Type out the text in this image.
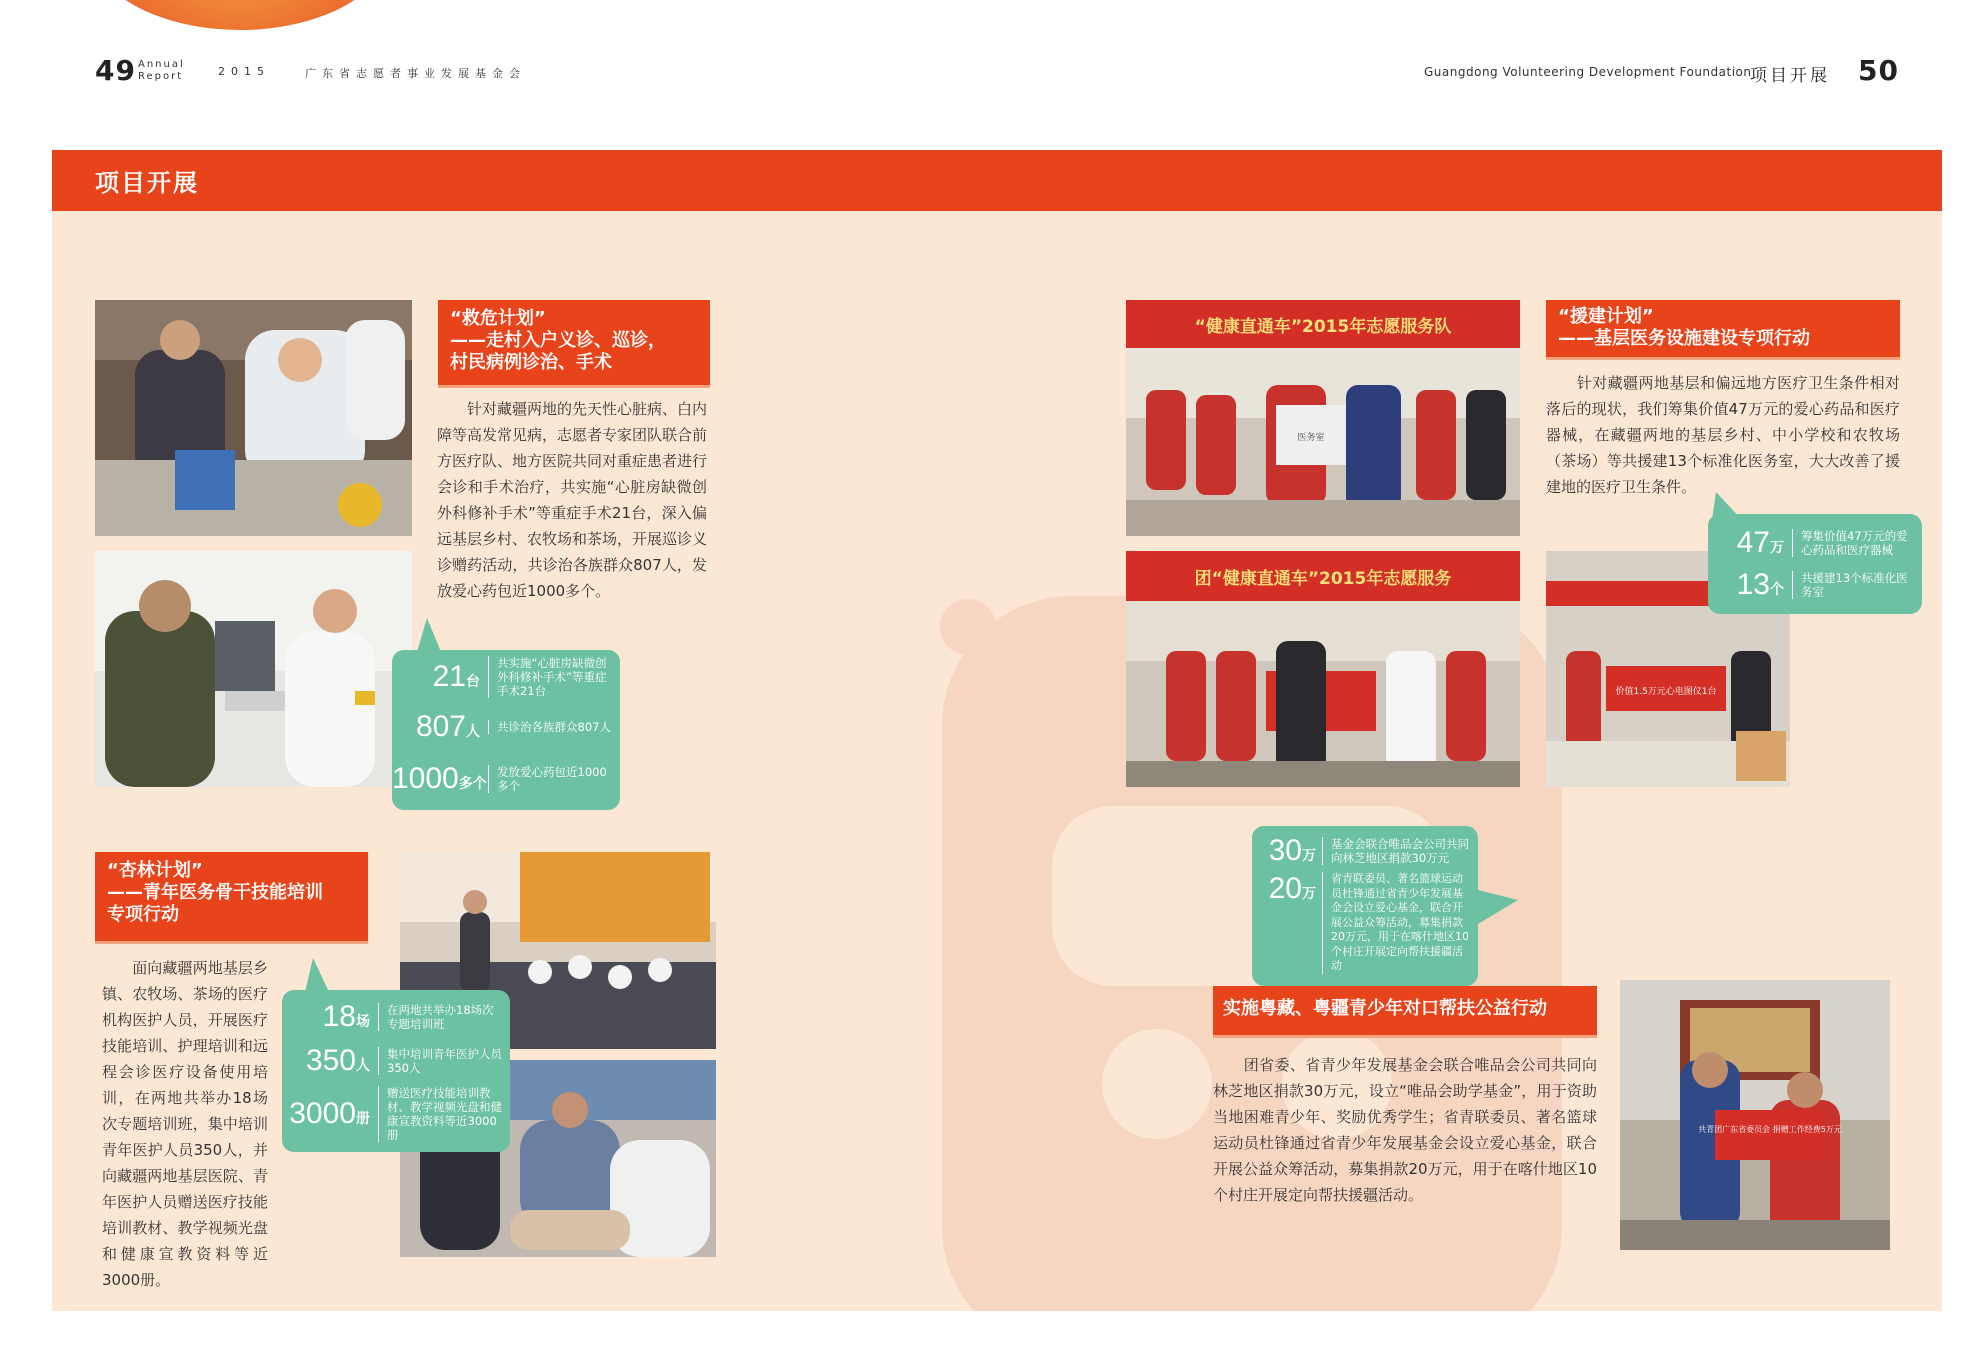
49 Annual
Report	2015	广东省志愿者事业发展基金会	Guangdong Volunteering Development Foundation
项目开展 50
项目开展
“救危计划”
——走村入户义诊、巡诊，
村民病例诊治、手术
　　针对藏疆两地的先天性心脏病、白内障等高发常见病，志愿者专家团队联合前方医疗队、地方医院共同对重症患者进行会诊和手术治疗，共实施“心脏房缺微创外科修补手术”等重症手术21台，深入偏远基层乡村、农牧场和茶场，开展巡诊义诊赠药活动，共诊治各族群众807人，发放爱心药包近1000多个。
21台
共实施“心脏房缺微创外科修补手术”等重症手术21台
807人	共诊治各族群众807人
1000多个
发放爱心药包近1000多个
“杏林计划”
——青年医务骨干技能培训
专项行动
　　面向藏疆两地基层乡镇、农牧场、茶场的医疗机构医护人员，开展医疗技能培训、护理培训和远程会诊医疗设备使用培训，在两地共举办18场次专题培训班，集中培训青年医护人员350人，并向藏疆两地基层医院、青年医护人员赠送医疗技能培训教材、教学视频光盘和健康宣教资料等近3000册。
18场
在两地共举办18场次专题培训班
350人
集中培训青年医护人员350人
3000册
赠送医疗技能培训教材、教学视频光盘和健康宣教资料等近3000册
“健康直通车”2015年志愿服务队
医务室
团“健康直通车”2015年志愿服务
价值1.5万元心电图仪1台
“援建计划”
——基层医务设施建设专项行动
　　针对藏疆两地基层和偏远地方医疗卫生条件相对落后的现状，我们筹集价值47万元的爱心药品和医疗器械，在藏疆两地的基层乡村、中小学校和农牧场（茶场）等共援建13个标准化医务室，大大改善了援建地的医疗卫生条件。
47万
筹集价值47万元的爱心药品和医疗器械
13个
共援建13个标准化医务室
30万
基金会联合唯品会公司共同向林芝地区捐款30万元
20万
省青联委员、著名篮球运动员杜锋通过省青少年发展基金会设立爱心基金，联合开展公益众筹活动，募集捐款20万元，用于在喀什地区10个村庄开展定向帮扶援疆活动
实施粤藏、粤疆青少年对口帮扶公益行动
　　团省委、省青少年发展基金会联合唯品会公司共同向林芝地区捐款30万元，设立“唯品会助学基金”，用于资助当地困难青少年、奖励优秀学生；省青联委员、著名篮球运动员杜锋通过省青少年发展基金会设立爱心基金，联合开展公益众筹活动，募集捐款20万元，用于在喀什地区10个村庄开展定向帮扶援疆活动。
共青团广东省委员会 捐赠工作经费5万元
